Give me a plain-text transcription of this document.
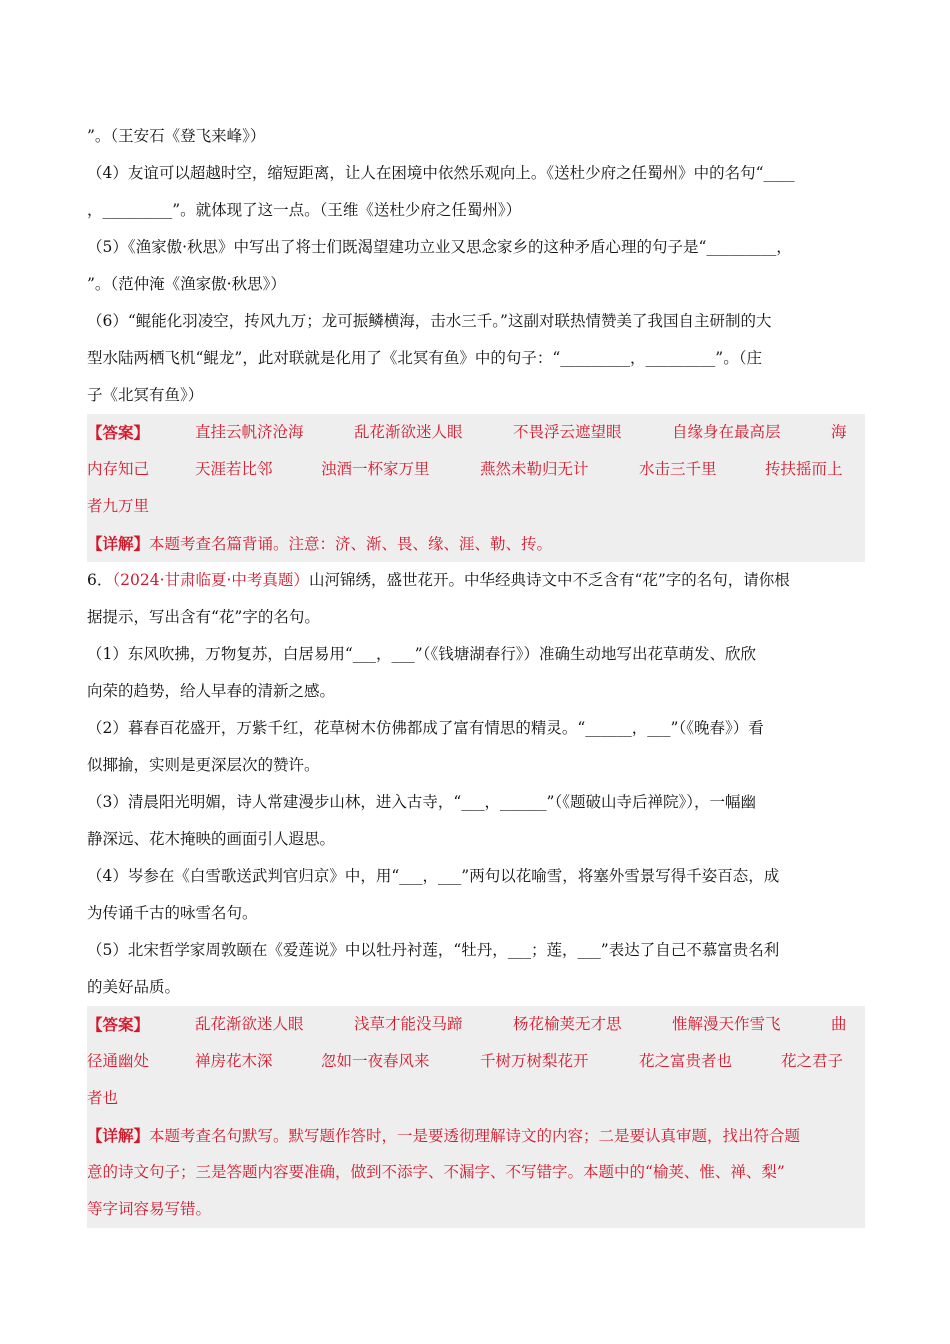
”。（王安石《登飞来峰》）
（4）友谊可以超越时空，缩短距离，让人在困境中依然乐观向上。《送杜少府之任蜀州》中的名句“____
，_________”。就体现了这一点。（王维《送杜少府之任蜀州》）
（5）《渔家傲·秋思》中写出了将士们既渴望建功立业又思念家乡的这种矛盾心理的句子是“_________，
”。（范仲淹《渔家傲·秋思》）
（6）“鲲能化羽凌空，抟风九万；龙可振鳞横海，击水三千。”这副对联热情赞美了我国自主研制的大
型水陆两栖飞机“鲲龙”，此对联就是化用了《北冥有鱼》中的句子：“_________，_________”。（庄
子《北冥有鱼》）
【答案】	直挂云帆济沧海	乱花渐欲迷人眼	不畏浮云遮望眼	自缘身在最高层	海
内存知己	天涯若比邻	浊酒一杯家万里	燕然未勒归无计	水击三千里	抟扶摇而上
者九万里
【详解】本题考查名篇背诵。注意：济、渐、畏、缘、涯、勒、抟。
6．（2024·甘肃临夏·中考真题）山河锦绣，盛世花开。中华经典诗文中不乏含有“花”字的名句，请你根
据提示，写出含有“花”字的名句。
（1）东风吹拂，万物复苏，白居易用“___，___”（《钱塘湖春行》）准确生动地写出花草萌发、欣欣
向荣的趋势，给人早春的清新之感。
（2）暮春百花盛开，万紫千红，花草树木仿佛都成了富有情思的精灵。“______，___”（《晚春》）看
似揶揄，实则是更深层次的赞许。
（3）清晨阳光明媚，诗人常建漫步山林，进入古寺，“___，______”（《题破山寺后禅院》），一幅幽
静深远、花木掩映的画面引人遐思。
（4）岑参在《白雪歌送武判官归京》中，用“___，___”两句以花喻雪，将塞外雪景写得千姿百态，成
为传诵千古的咏雪名句。
（5）北宋哲学家周敦颐在《爱莲说》中以牡丹衬莲，“牡丹，___；莲，___”表达了自己不慕富贵名利
的美好品质。
【答案】	乱花渐欲迷人眼	浅草才能没马蹄	杨花榆荚无才思	惟解漫天作雪飞	曲
径通幽处	禅房花木深	忽如一夜春风来	千树万树梨花开	花之富贵者也	花之君子
者也
【详解】本题考查名句默写。默写题作答时，一是要透彻理解诗文的内容；二是要认真审题，找出符合题
意的诗文句子；三是答题内容要准确，做到不添字、不漏字、不写错字。本题中的“榆荚、惟、禅、梨”
等字词容易写错。
